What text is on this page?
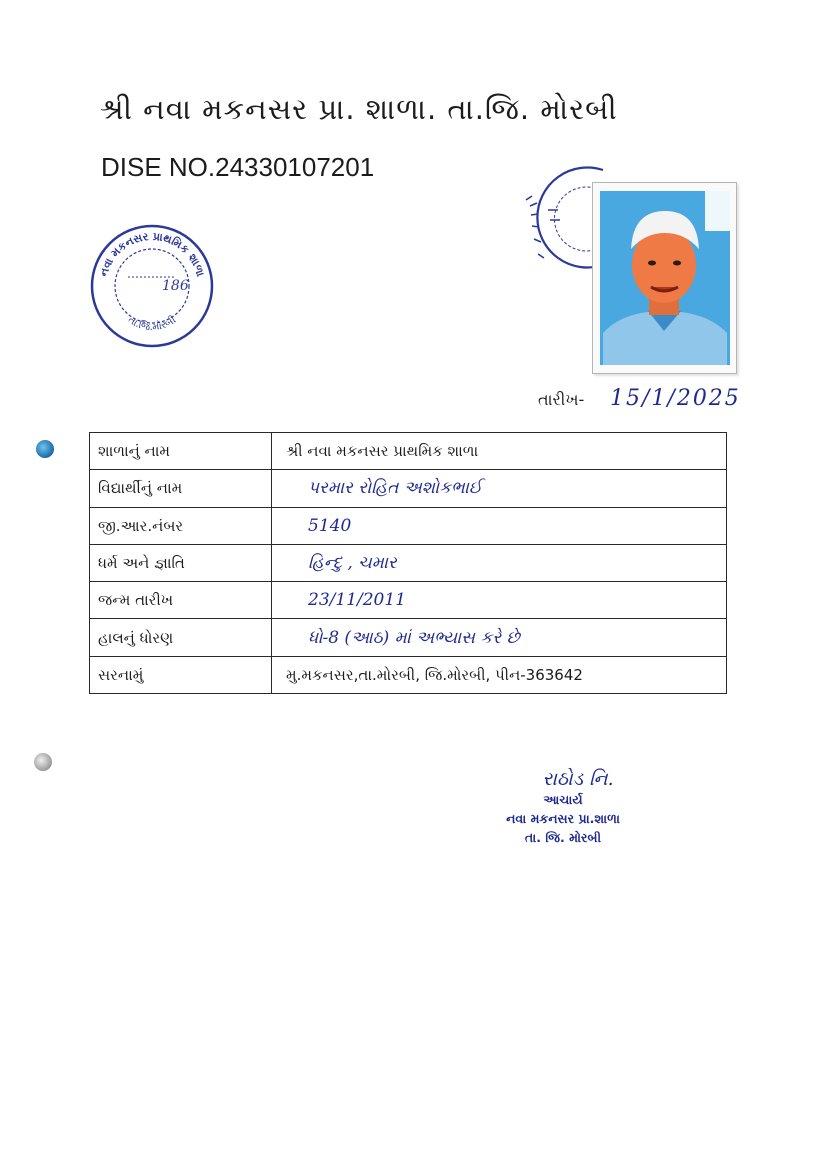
શ્રી નવા મકનસર પ્રા. શાળા. તા.જિ. મોરબી
DISE NO.24330107201
નવા મકનસર પ્રાથમિક શાળા
તા.જિ.મોરબી
186
તારીખ- 15/1/2025
શાળાનું નામ	શ્રી નવા મકનસર પ્રાથમિક શાળા
વિદ્યાર્થીનું નામ	પરમાર રોહિત અશોકભાઈ
જી.આર.નંબર	5140
ધર્મ અને જ્ઞાતિ	હિન્દુ , ચમાર
જન્મ તારીખ	23/11/2011
હાલનું ધોરણ	ધો-8 (આઠ) માં અભ્યાસ કરે છે
સરનામું	મુ.મકનસર,તા.મોરબી, જિ.મોરબી, પીન-363642
રાઠોડ નિ.
આચાર્ય
નવા મકનસર પ્રા.શાળા
તા. જિ. મોરબી
